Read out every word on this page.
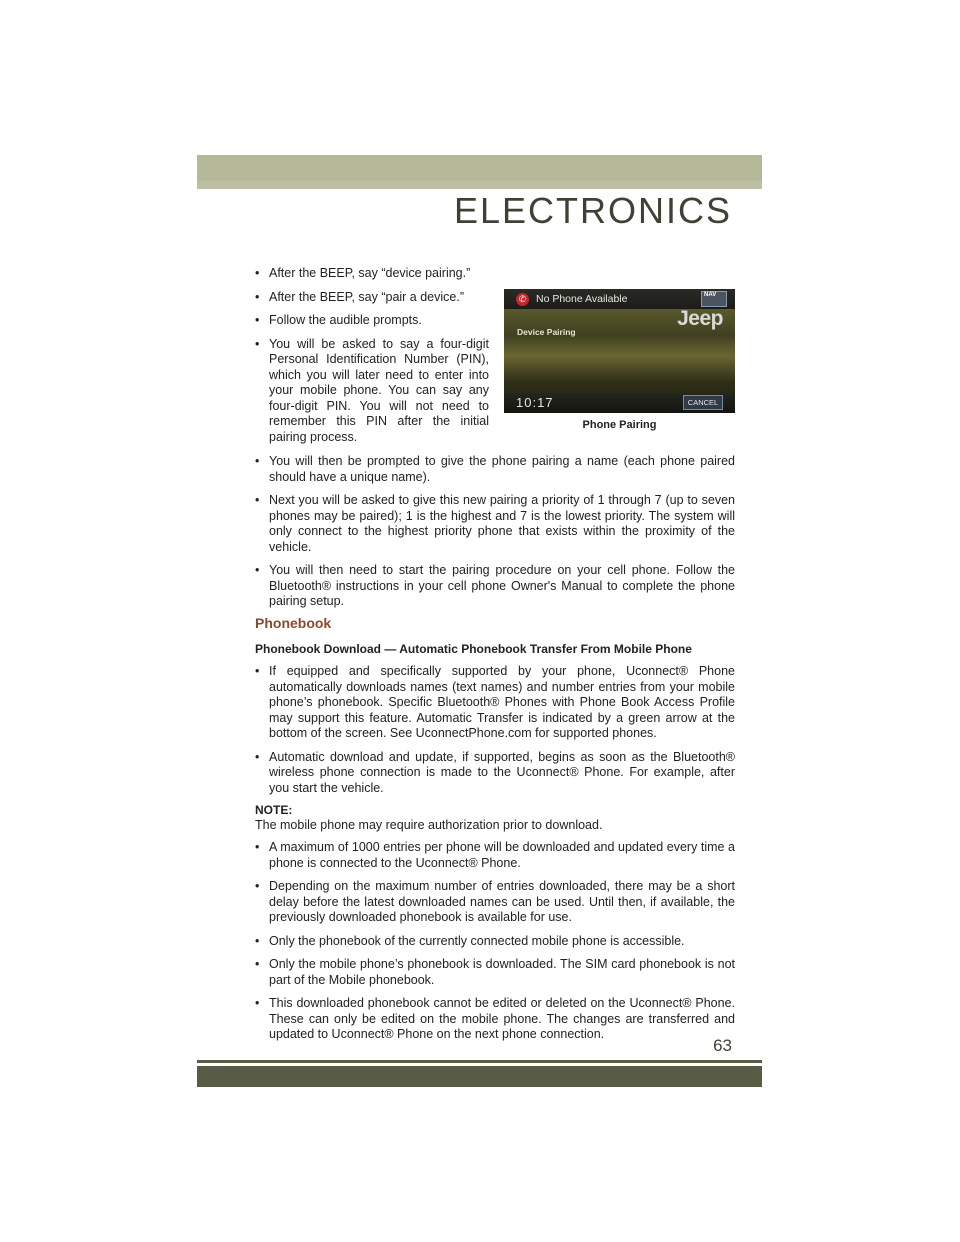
ELECTRONICS
• After the BEEP, say “device pairing.”
• After the BEEP, say “pair a device.”
• Follow the audible prompts.
• You will be asked to say a four-digit Personal Identification Number (PIN), which you will later need to enter into your mobile phone. You can say any four-digit PIN. You will not need to remember this PIN after the initial pairing process.
✆ No Phone Available	NAV
Jeep
Device Pairing
10:17	CANCEL
Phone Pairing
• You will then be prompted to give the phone pairing a name (each phone paired should have a unique name).
• Next you will be asked to give this new pairing a priority of 1 through 7 (up to seven phones may be paired); 1 is the highest and 7 is the lowest priority. The system will only connect to the highest priority phone that exists within the proximity of the vehicle.
• You will then need to start the pairing procedure on your cell phone. Follow the Bluetooth® instructions in your cell phone Owner's Manual to complete the phone pairing setup.
Phonebook
Phonebook Download — Automatic Phonebook Transfer From Mobile Phone
• If equipped and specifically supported by your phone, Uconnect® Phone automatically downloads names (text names) and number entries from your mobile phone’s phonebook. Specific Bluetooth® Phones with Phone Book Access Profile may support this feature. Automatic Transfer is indicated by a green arrow at the bottom of the screen. See UconnectPhone.com for supported phones.
• Automatic download and update, if supported, begins as soon as the Bluetooth® wireless phone connection is made to the Uconnect® Phone. For example, after you start the vehicle.
NOTE:
The mobile phone may require authorization prior to download.
• A maximum of 1000 entries per phone will be downloaded and updated every time a phone is connected to the Uconnect® Phone.
• Depending on the maximum number of entries downloaded, there may be a short delay before the latest downloaded names can be used. Until then, if available, the previously downloaded phonebook is available for use.
• Only the phonebook of the currently connected mobile phone is accessible.
• Only the mobile phone’s phonebook is downloaded. The SIM card phonebook is not part of the Mobile phonebook.
• This downloaded phonebook cannot be edited or deleted on the Uconnect® Phone. These can only be edited on the mobile phone. The changes are transferred and updated to Uconnect® Phone on the next phone connection.
63
